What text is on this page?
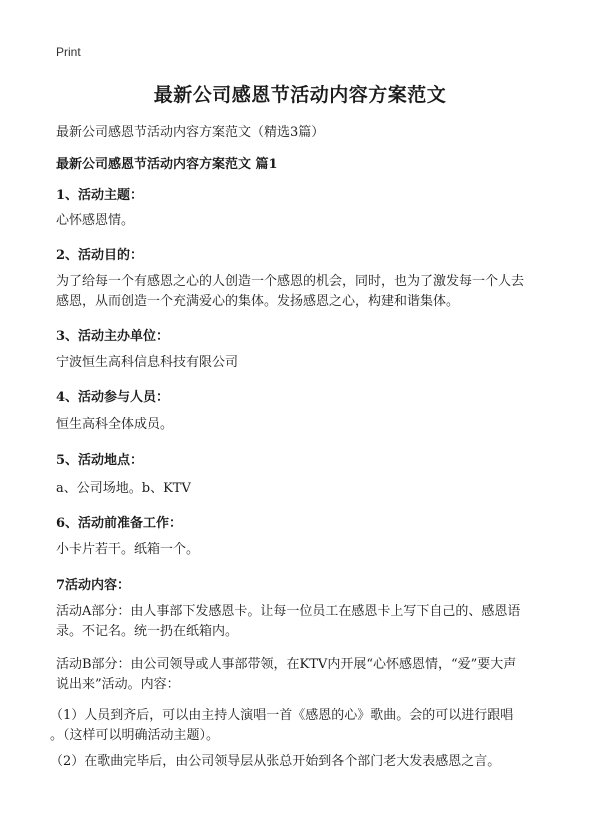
Print
最新公司感恩节活动内容方案范文
最新公司感恩节活动内容方案范文（精选3篇）
最新公司感恩节活动内容方案范文 篇1
1、活动主题：
心怀感恩情。
2、活动目的：
为了给每一个有感恩之心的人创造一个感恩的机会，同时，也为了激发每一个人去
感恩，从而创造一个充满爱心的集体。发扬感恩之心，构建和谐集体。
3、活动主办单位：
宁波恒生高科信息科技有限公司
4、活动参与人员：
恒生高科全体成员。
5、活动地点：
a、公司场地。b、KTV
6、活动前准备工作：
小卡片若干。纸箱一个。
7活动内容：
活动A部分：由人事部下发感恩卡。让每一位员工在感恩卡上写下自己的、感恩语
录。不记名。统一扔在纸箱内。
活动B部分：由公司领导或人事部带领，在KTV内开展“心怀感恩情，“爱”要大声
说出来”活动。内容：
（1）人员到齐后，可以由主持人演唱一首《感恩的心》歌曲。会的可以进行跟唱
。（这样可以明确活动主题）。
（2）在歌曲完毕后，由公司领导层从张总开始到各个部门老大发表感恩之言。
